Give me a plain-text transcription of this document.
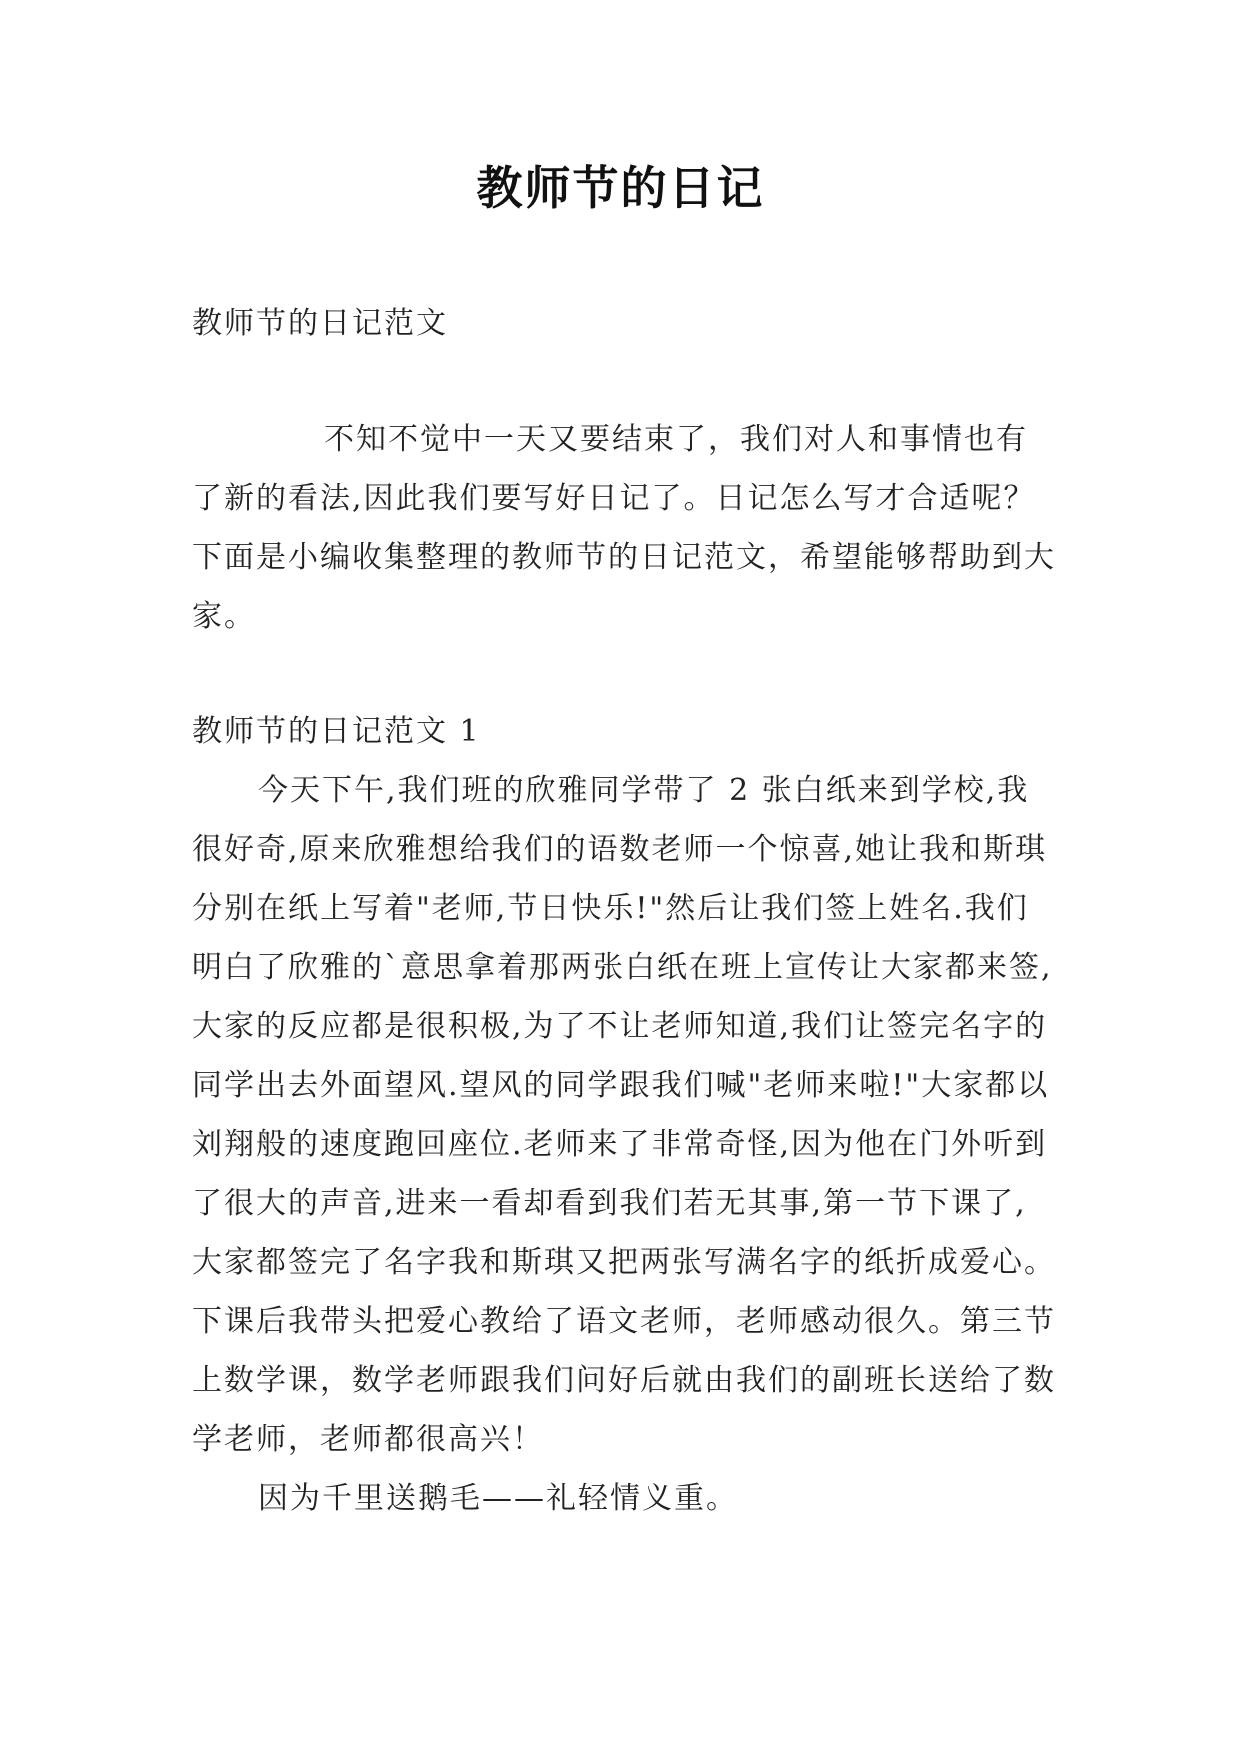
教师节的日记
教师节的日记范文
不知不觉中一天又要结束了，我们对人和事情也有了新的看法,因此我们要写好日记了。日记怎么写才合适呢？下面是小编收集整理的教师节的日记范文，希望能够帮助到大家。
教师节的日记范文 1

今天下午,我们班的欣雅同学带了 2 张白纸来到学校,我很好奇,原来欣雅想给我们的语数老师一个惊喜,她让我和斯琪分别在纸上写着"老师,节日快乐!"然后让我们签上姓名.我们明白了欣雅的`意思拿着那两张白纸在班上宣传让大家都来签,大家的反应都是很积极,为了不让老师知道,我们让签完名字的同学出去外面望风.望风的同学跟我们喊"老师来啦!"大家都以刘翔般的速度跑回座位.老师来了非常奇怪,因为他在门外听到了很大的声音,进来一看却看到我们若无其事,第一节下课了,大家都签完了名字我和斯琪又把两张写满名字的纸折成爱心。下课后我带头把爱心教给了语文老师，老师感动很久。第三节上数学课，数学老师跟我们问好后就由我们的副班长送给了数学老师，老师都很高兴！

因为千里送鹅毛——礼轻情义重。
